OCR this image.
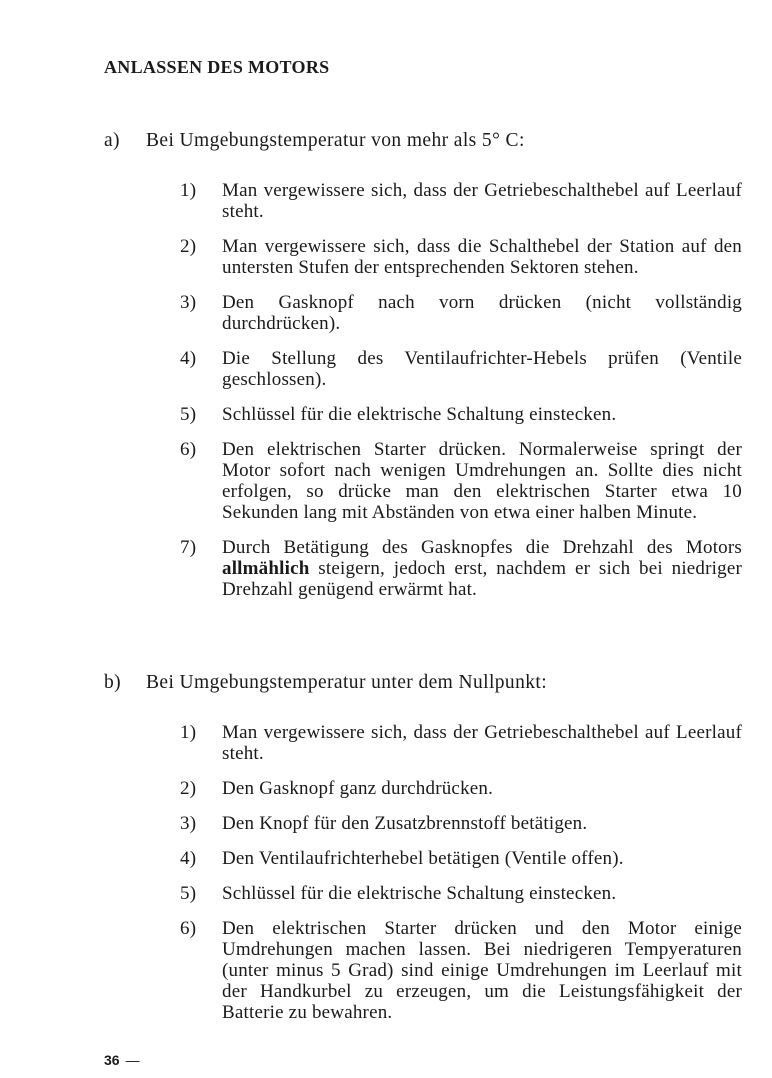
ANLASSEN DES MOTORS
a) Bei Umgebungstemperatur von mehr als 5° C:
1) Man vergewissere sich, dass der Getriebeschalthebel auf Leerlauf steht.
2) Man vergewissere sich, dass die Schalthebel der Station auf den untersten Stufen der entsprechenden Sektoren stehen.
3) Den Gasknopf nach vorn drücken (nicht vollständig durchdrücken).
4) Die Stellung des Ventilaufrichter-Hebels prüfen (Ventile geschlossen).
5) Schlüssel für die elektrische Schaltung einstecken.
6) Den elektrischen Starter drücken. Normalerweise springt der Motor sofort nach wenigen Umdrehungen an. Sollte dies nicht erfolgen, so drücke man den elektrischen Starter etwa 10 Sekunden lang mit Abständen von etwa einer halben Minute.
7) Durch Betätigung des Gasknopfes die Drehzahl des Motors allmählich steigern, jedoch erst, nachdem er sich bei niedriger Drehzahl genügend erwärmt hat.
b) Bei Umgebungstemperatur unter dem Nullpunkt:
1) Man vergewissere sich, dass der Getriebeschalthebel auf Leerlauf steht.
2) Den Gasknopf ganz durchdrücken.
3) Den Knopf für den Zusatzbrennstoff betätigen.
4) Den Ventilaufrichterhebel betätigen (Ventile offen).
5) Schlüssel für die elektrische Schaltung einstecken.
6) Den elektrischen Starter drücken und den Motor einige Umdrehungen machen lassen. Bei niedrigeren Tempyeraturen (unter minus 5 Grad) sind einige Umdrehungen im Leerlauf mit der Handkurbel zu erzeugen, um die Leistungsfähigkeit der Batterie zu bewahren.
36 —
